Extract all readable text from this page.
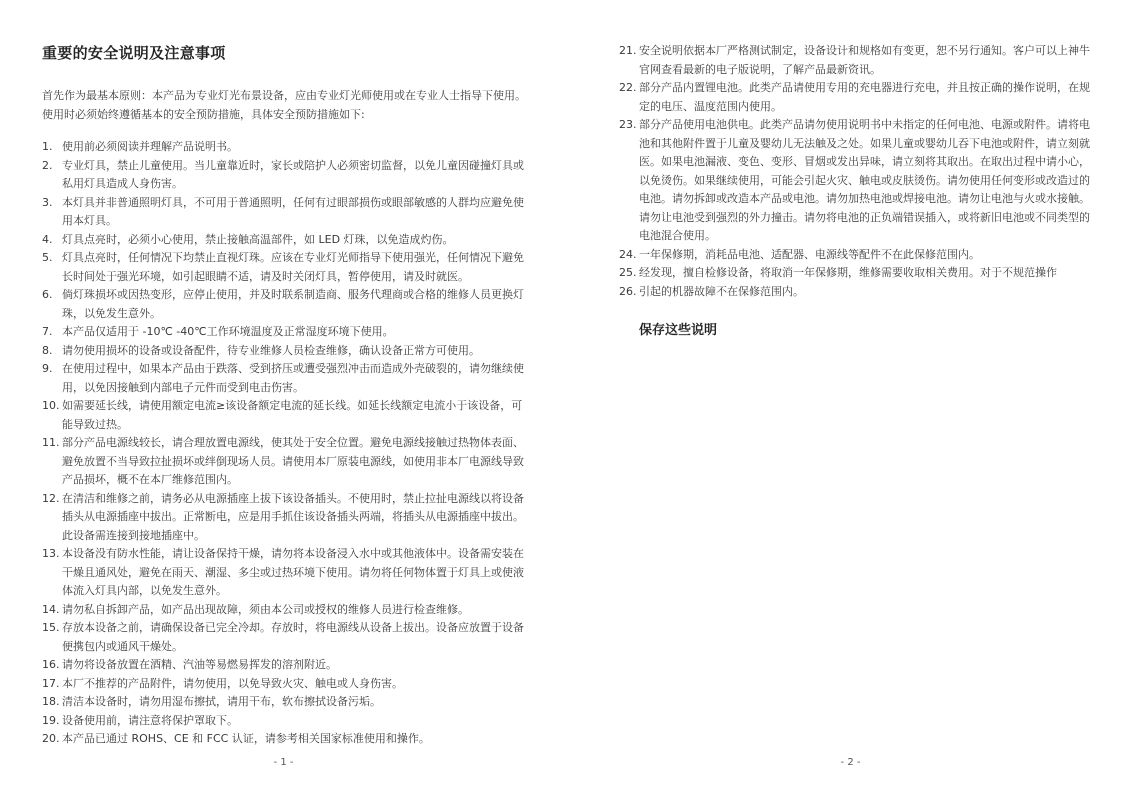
重要的安全说明及注意事项

首先作为最基本原则：本产品为专业灯光布景设备，应由专业灯光师使用或在专业人士指导下使用。使用时必须始终遵循基本的安全预防措施，具体安全预防措施如下:

1. 使用前必须阅读并理解产品说明书。
2. 专业灯具，禁止儿童使用。当儿童靠近时，家长或陪护人必须密切监督，以免儿童因碰撞灯具或私用灯具造成人身伤害。
3. 本灯具并非普通照明灯具，不可用于普通照明，任何有过眼部损伤或眼部敏感的人群均应避免使用本灯具。
4. 灯具点亮时，必须小心使用，禁止接触高温部件，如 LED 灯珠，以免造成灼伤。
5. 灯具点亮时，任何情况下均禁止直视灯珠。应该在专业灯光师指导下使用强光，任何情况下避免长时间处于强光环境，如引起眼睛不适，请及时关闭灯具，暂停使用，请及时就医。
6. 倘灯珠损坏或因热变形，应停止使用，并及时联系制造商、服务代理商或合格的维修人员更换灯珠，以免发生意外。
7. 本产品仅适用于 -10℃ -40℃工作环境温度及正常湿度环境下使用。
8. 请勿使用损坏的设备或设备配件，待专业维修人员检查维修，确认设备正常方可使用。
9. 在使用过程中，如果本产品由于跌落、受到挤压或遭受强烈冲击而造成外壳破裂的，请勿继续使用，以免因接触到内部电子元件而受到电击伤害。
10. 如需要延长线，请使用额定电流≥该设备额定电流的延长线。如延长线额定电流小于该设备，可能导致过热。
11. 部分产品电源线较长，请合理放置电源线，使其处于安全位置。避免电源线接触过热物体表面、避免放置不当导致拉扯损坏或绊倒现场人员。请使用本厂原装电源线，如使用非本厂电源线导致产品损坏，概不在本厂维修范围内。
12. 在清洁和维修之前，请务必从电源插座上拔下该设备插头。不使用时，禁止拉扯电源线以将设备插头从电源插座中拔出。正常断电，应是用手抓住该设备插头两端，将插头从电源插座中拔出。此设备需连接到接地插座中。
13. 本设备没有防水性能，请让设备保持干燥，请勿将本设备浸入水中或其他液体中。设备需安装在干燥且通风处，避免在雨天、潮湿、多尘或过热环境下使用。请勿将任何物体置于灯具上或使液体流入灯具内部，以免发生意外。
14. 请勿私自拆卸产品，如产品出现故障，须由本公司或授权的维修人员进行检查维修。
15. 存放本设备之前，请确保设备已完全冷却。存放时，将电源线从设备上拔出。设备应放置于设备便携包内或通风干燥处。
16. 请勿将设备放置在酒精、汽油等易燃易挥发的溶剂附近。
17. 本厂不推荐的产品附件，请勿使用，以免导致火灾、触电或人身伤害。
18. 清洁本设备时，请勿用湿布擦拭，请用干布，软布擦拭设备污垢。
19. 设备使用前，请注意将保护罩取下。
20. 本产品已通过 ROHS、CE 和 FCC 认证，请参考相关国家标准使用和操作。
- 1 -
21. 安全说明依据本厂严格测试制定，设备设计和规格如有变更，恕不另行通知。客户可以上神牛官网查看最新的电子版说明，了解产品最新资讯。
22. 部分产品内置锂电池。此类产品请使用专用的充电器进行充电，并且按正确的操作说明，在规定的电压、温度范围内使用。
23. 部分产品使用电池供电。此类产品请勿使用说明书中未指定的任何电池、电源或附件。请将电池和其他附件置于儿童及婴幼儿无法触及之处。如果儿童或婴幼儿吞下电池或附件，请立刻就医。如果电池漏液、变色、变形、冒烟或发出异味，请立刻将其取出。在取出过程中请小心，以免烫伤。如果继续使用，可能会引起火灾、触电或皮肤烫伤。请勿使用任何变形或改造过的电池。请勿拆卸或改造本产品或电池。请勿加热电池或焊接电池。请勿让电池与火或水接触。请勿让电池受到强烈的外力撞击。请勿将电池的正负端错误插入，或将新旧电池或不同类型的电池混合使用。
24. 一年保修期，消耗品电池、适配器、电源线等配件不在此保修范围内。
25. 经发现，擅自检修设备，将取消一年保修期，维修需要收取相关费用。对于不规范操作
26. 引起的机器故障不在保修范围内。
保存这些说明
- 2 -
